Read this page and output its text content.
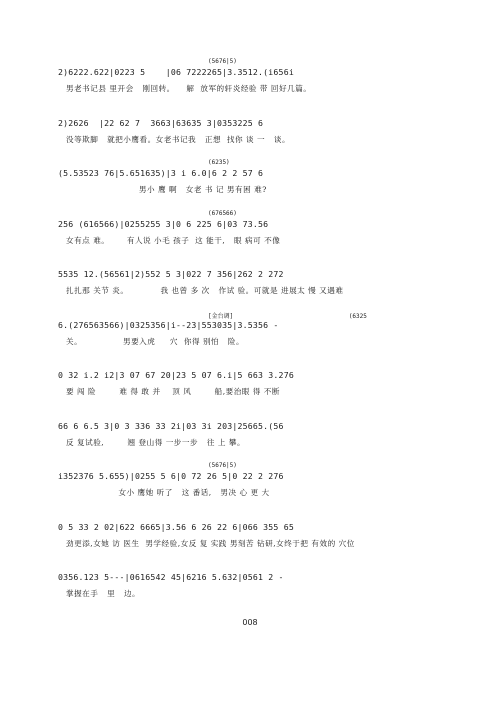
(5676|5)
2)6222.622|0223 5    |06 7222265|3.3512.(i656i
男老书记县 里开会   刚回转。    解  放军的轩炎经验 带 回好几篇。
2)2626  |22 62 7  3663|63635 3|0353225 6
没等欺脚   就把小鹰看。女老书记我   正想  找你 谈 一   谈。
(6235)
(5.53523 76|5.651635)|3 i 6.0|6 2 2 57 6
男小 鹰 啊   女老 书 记 男有困 难?
(676566)
256 (616566)|0255255 3|0 6 225 6|03 73.56
女有点 难。      有人说 小毛 孩子  这 能干,   眼 病可 不像
5535 12.(56561|2)552 5 3|022 7 356|262 2 272
扎扎那 关节 炎。           我 也曾 多 次   作试 验。可就是 进展太 慢 又遇难
[金台调]                                (6325
6.(276563566)|0325356|i--23|553035|3.5356 -
关。              男要入虎     穴  你得 别怕   险。
0 32 i.2 i2|3 07 67 20|23 5 07 6.i|5 663 3.276
要 闯 险        难 得 敢 并    顶 风        船,要治眼 得 不断
66 6 6.5 3|0 3 336 33 2i|03 3i 203|25665.(56
反 复试验,        翘 登山得 一步一步   往 上 攀。
(5676|5)
i352376 5.655)|0255 5 6|0 72 26 5|0 22 2 276
女小 鹰她 听了   这 番话,   男决 心 更 大
0 5 33 2 02|622 6665|3.56 6 26 22 6|066 355 65
劲更添,女她 访 医生  男学经验,女反 复 实践 男刻苦 钻研,女终于把 有效的 穴位
0356.123 5---|0616542 45|6216 5.632|0561 2 -
掌握在手   里   边。
008
